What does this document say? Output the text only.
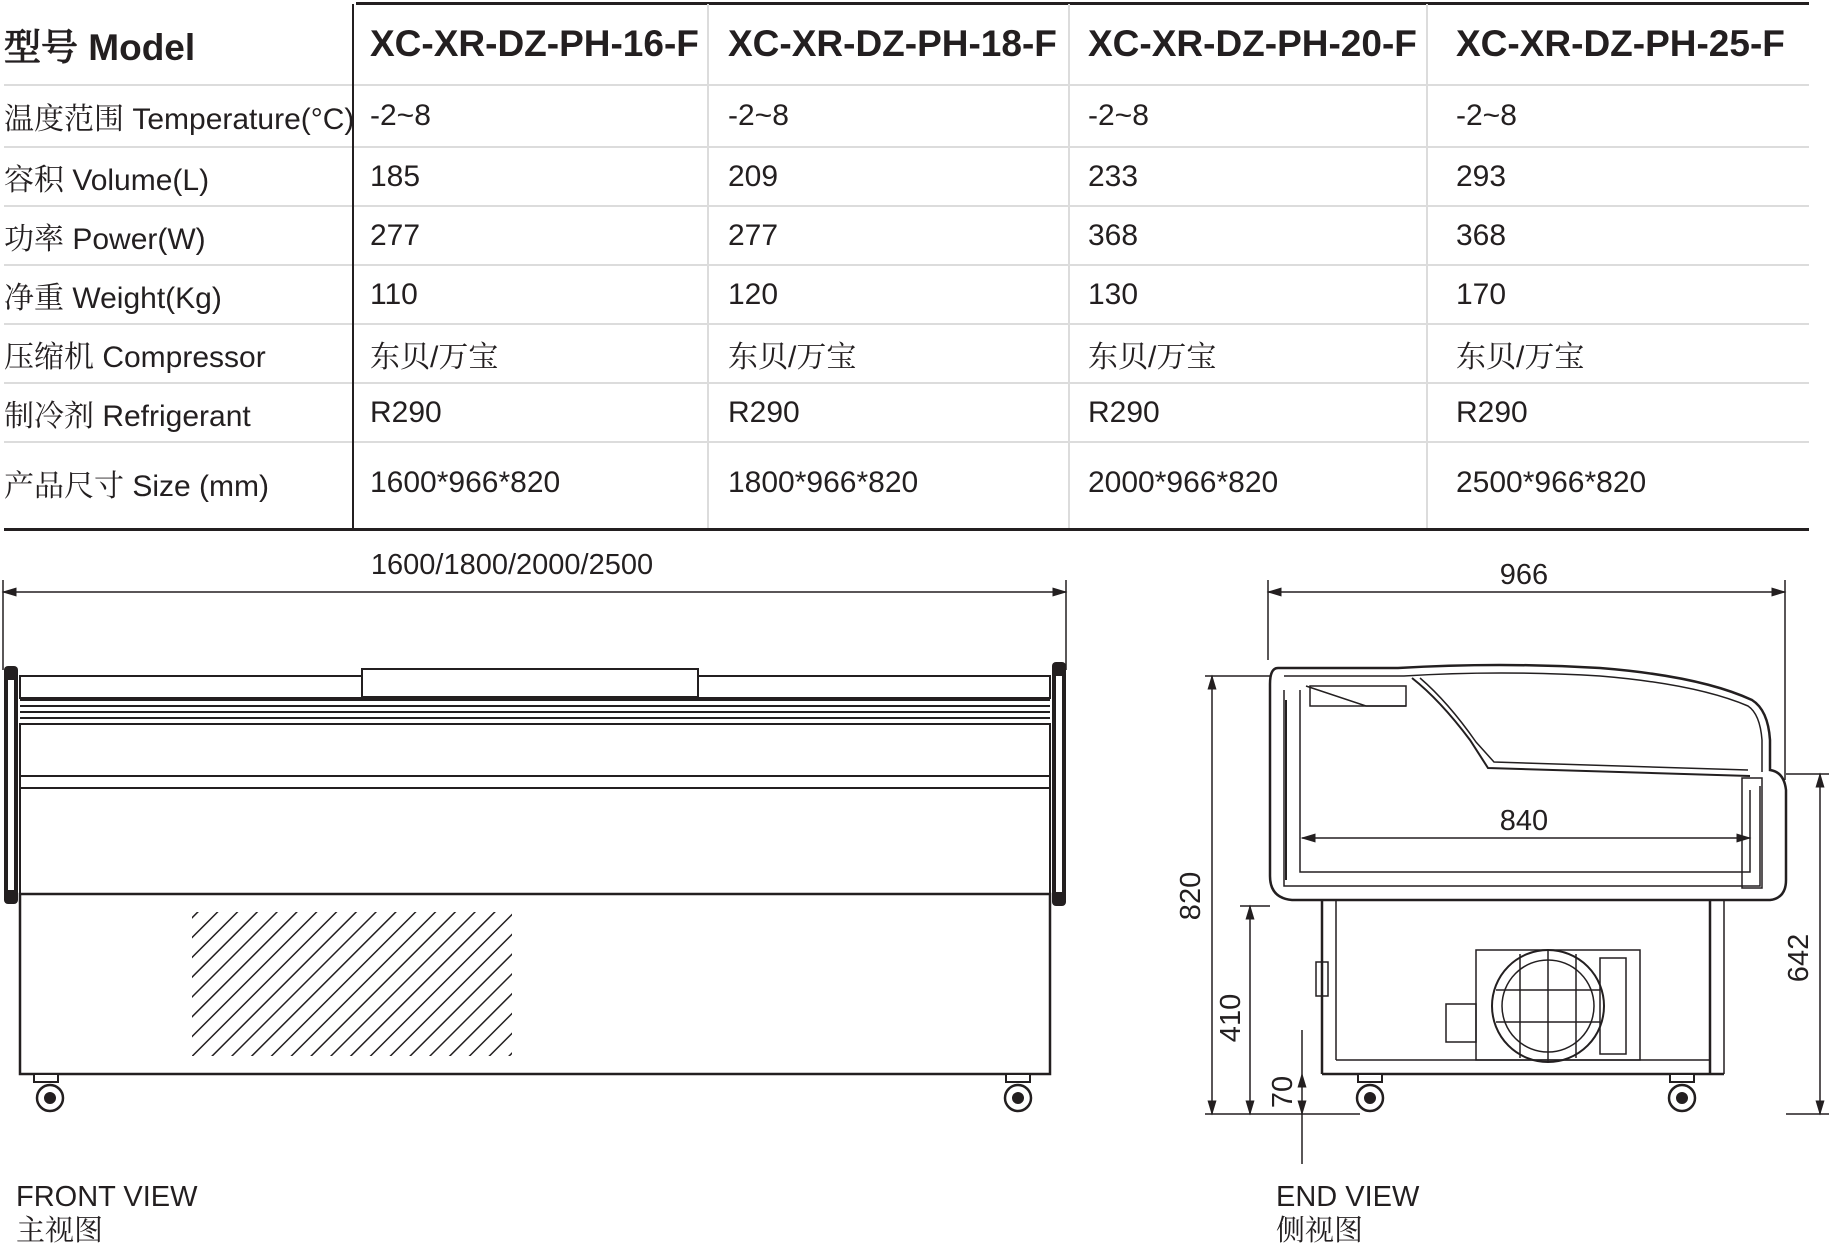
型号 Model	XC-XR-DZ-PH-16-F XC-XR-DZ-PH-18-F XC-XR-DZ-PH-20-F XC-XR-DZ-PH-25-F
温度范围 Temperature(°C) -2~8	-2~8	-2~8	-2~8
容积 Volume(L)	185	209	233	293
功率 Power(W)	277	277	368	368
净重 Weight(Kg)	110	120	130	170
压缩机 Compressor	东贝/万宝	东贝/万宝	东贝/万宝	东贝/万宝
制冷剂 Refrigerant	R290	R290	R290	R290
产品尺寸 Size (mm)	1600*966*820	1800*966*820	2000*966*820	2500*966*820
1600/1800/2000/2500	966
840
820
410
70
642
FRONT VIEW
主视图
END VIEW
侧视图
